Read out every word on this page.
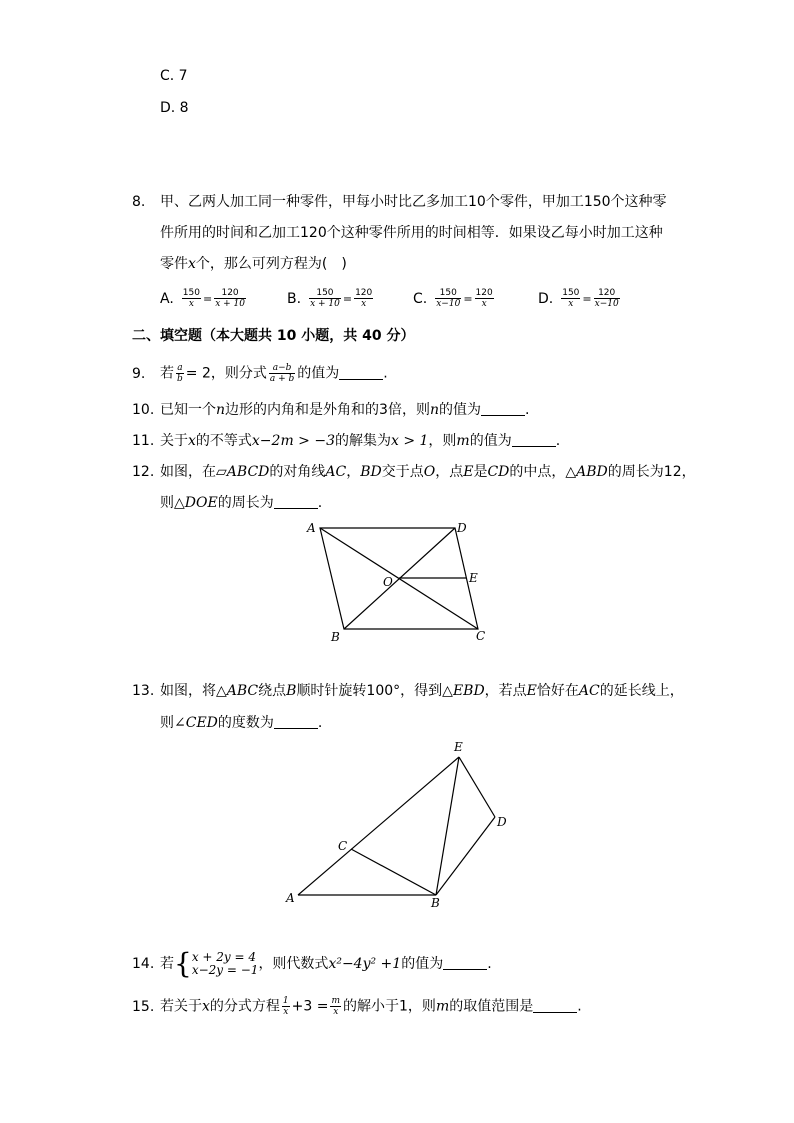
C. 7
D. 8
8. 甲、乙两人加工同一种零件，甲每小时比乙多加工10个零件，甲加工150个这种零
件所用的时间和乙加工120个这种零件所用的时间相等．如果设乙每小时加工这种
零件x个，那么可列方程为(　)
A. $\frac{150}{x} = \frac{120}{x + 10}$	B. $\frac{150}{x + 10} = \frac{120}{x}$	C. $\frac{150}{x-10} = \frac{120}{x}$	D. $\frac{150}{x} = \frac{120}{x-10}$
二、填空题（本大题共 10 小题，共 40 分）
9. 若 $\frac{a}{b} = 2$，则分式 $\frac{a-b}{a + b}$ 的值为	.
10. 已知一个n边形的内角和是外角和的3倍，则n的值为	.
11. 关于x的不等式x−2m > −3的解集为x > 1，则m的值为	.
12. 如图，在▱ABCD的对角线AC，BD交于点O，点E是CD的中点，△ABD的周长为12，
则△DOE的周长为	.
A	D
O	E
B	C
13. 如图，将△ABC绕点B顺时针旋转100°，得到△EBD，若点E恰好在AC的延长线上，
则∠CED的度数为	.
E
D
C
A	B
14. 若{ x + 2y = 4
x−2y = −1 ，则代数式x²−4y² +1的值为	.
15. 若关于x的分式方程 $\frac{1}{x} +3 = \frac{m}{x}$ 的解小于1，则m的取值范围是	.
